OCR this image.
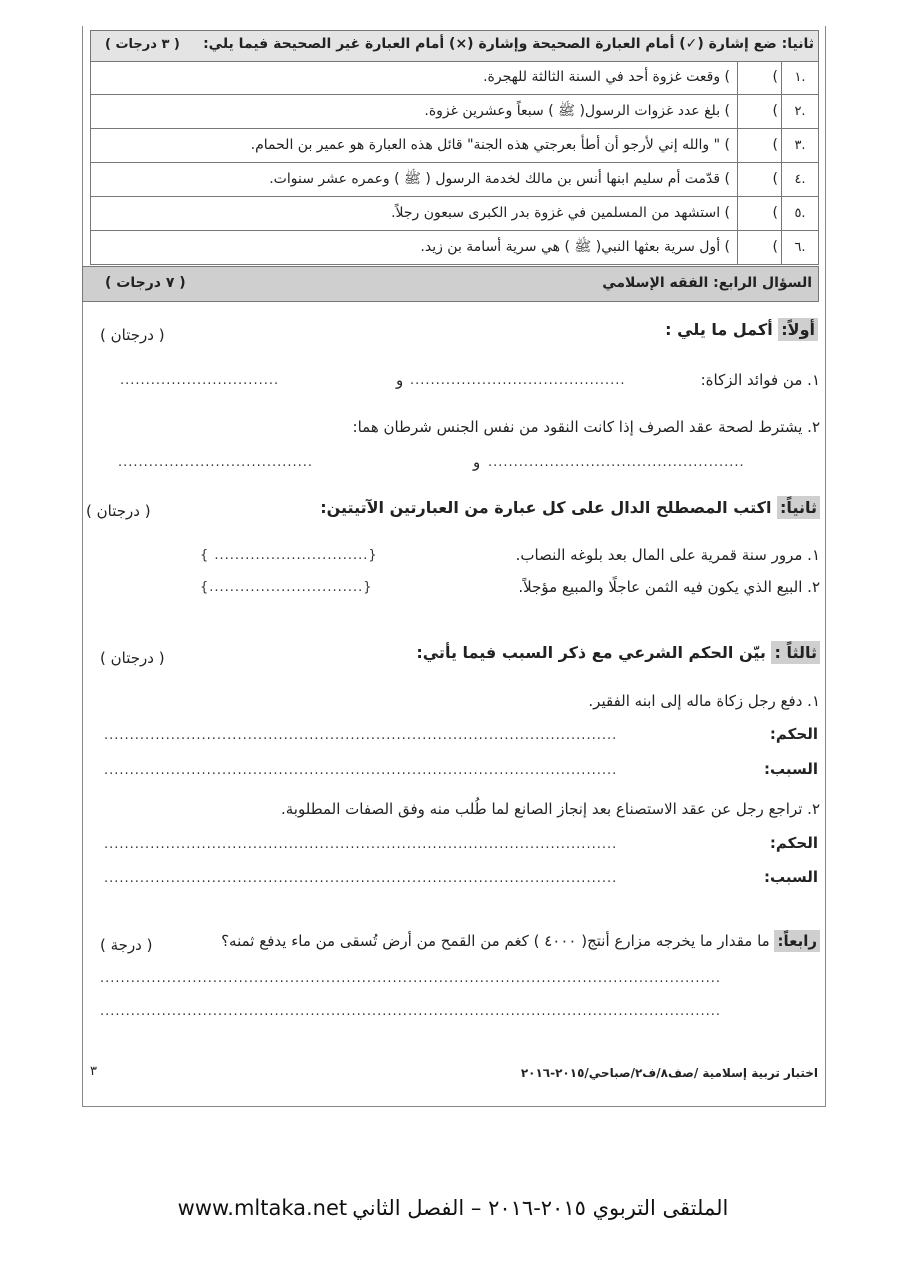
ثانيا: ضع إشارة (✓) أمام العبارة الصحيحة وإشارة (×) أمام العبارة غير الصحيحة فيما يلي:
( ٣ درجات )
١.
(
) وقعت غزوة أحد في السنة الثالثة للهجرة.
٢.
(
) بلغ عدد غزوات الرسول( ﷺ ) سبعاً وعشرين غزوة.
٣.
(
) " والله إني لأرجو أن أطأ بعرجتي هذه الجنة" قائل هذه العبارة هو عمير بن الحمام.
٤.
(
) قدّمت أم سليم ابنها أنس بن مالك لخدمة الرسول ( ﷺ ) وعمره عشر سنوات.
٥.
(
) استشهد من المسلمين في غزوة بدر الكبرى سبعون رجلاً.
٦.
(
) أول سرية بعثها النبي( ﷺ ) هي سرية أسامة بن زيد.
السؤال الرابع: الفقه الإسلامي
( ٧ درجات )
أولاً: أكمل ما يلي :
( درجتان )
١. من فوائد الزكاة:
..........................................
و
...............................
٢. يشترط لصحة عقد الصرف إذا كانت النقود من نفس الجنس شرطان هما:
..................................................
و
......................................
ثانياً: اكتب المصطلح الدال على كل عبارة من العبارتين الآتيتين:
( درجتان )
١. مرور سنة قمرية على المال بعد بلوغه النصاب.
{ ..............................}
٢. البيع الذي يكون فيه الثمن عاجلًا والمبيع مؤجلاً.
{..............................}
ثالثاً : بيّن الحكم الشرعي مع ذكر السبب فيما يأتي:
( درجتان )
١. دفع رجل زكاة ماله إلى ابنه الفقير.
الحكم:
....................................................................................................
السبب:
....................................................................................................
٢. تراجع رجل عن عقد الاستصناع بعد إنجاز الصانع لما طُلب منه وفق الصفات المطلوبة.
الحكم:
....................................................................................................
السبب:
....................................................................................................
رابعاً: ما مقدار ما يخرجه مزارع أنتج( ٤٠٠٠ ) كغم من القمح من أرض تُسقى من ماء يدفع ثمنه؟
( درجة )
.........................................................................................................................
.........................................................................................................................
اختبار تربية إسلامية /صف٨/ف٢/صباحي/٢٠١٥-٢٠١٦
٣
www.mltaka.net الملتقى التربوي ٢٠١٥-٢٠١٦ – الفصل الثاني
